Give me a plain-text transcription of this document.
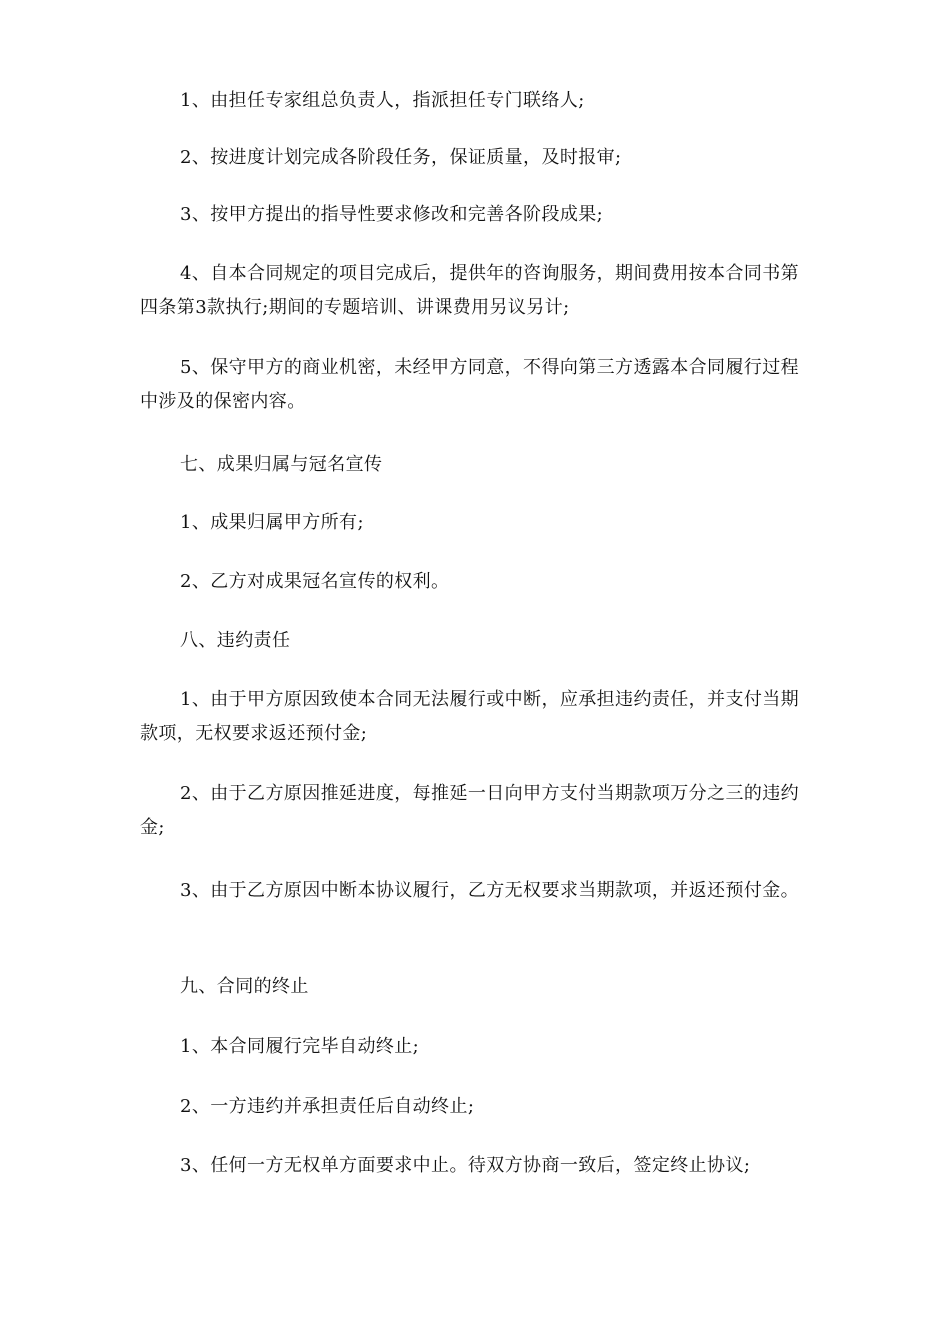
1、由担任专家组总负责人，指派担任专门联络人;

2、按进度计划完成各阶段任务，保证质量，及时报审;

3、按甲方提出的指导性要求修改和完善各阶段成果;

4、自本合同规定的项目完成后，提供年的咨询服务，期间费用按本合同书第四条第3款执行;期间的专题培训、讲课费用另议另计;

5、保守甲方的商业机密，未经甲方同意，不得向第三方透露本合同履行过程中涉及的保密内容。

七、成果归属与冠名宣传

1、成果归属甲方所有;

2、乙方对成果冠名宣传的权利。

八、违约责任

1、由于甲方原因致使本合同无法履行或中断，应承担违约责任，并支付当期款项，无权要求返还预付金;

2、由于乙方原因推延进度，每推延一日向甲方支付当期款项万分之三的违约金;

3、由于乙方原因中断本协议履行，乙方无权要求当期款项，并返还预付金。

九、合同的终止

1、本合同履行完毕自动终止;

2、一方违约并承担责任后自动终止;

3、任何一方无权单方面要求中止。待双方协商一致后，签定终止协议;
